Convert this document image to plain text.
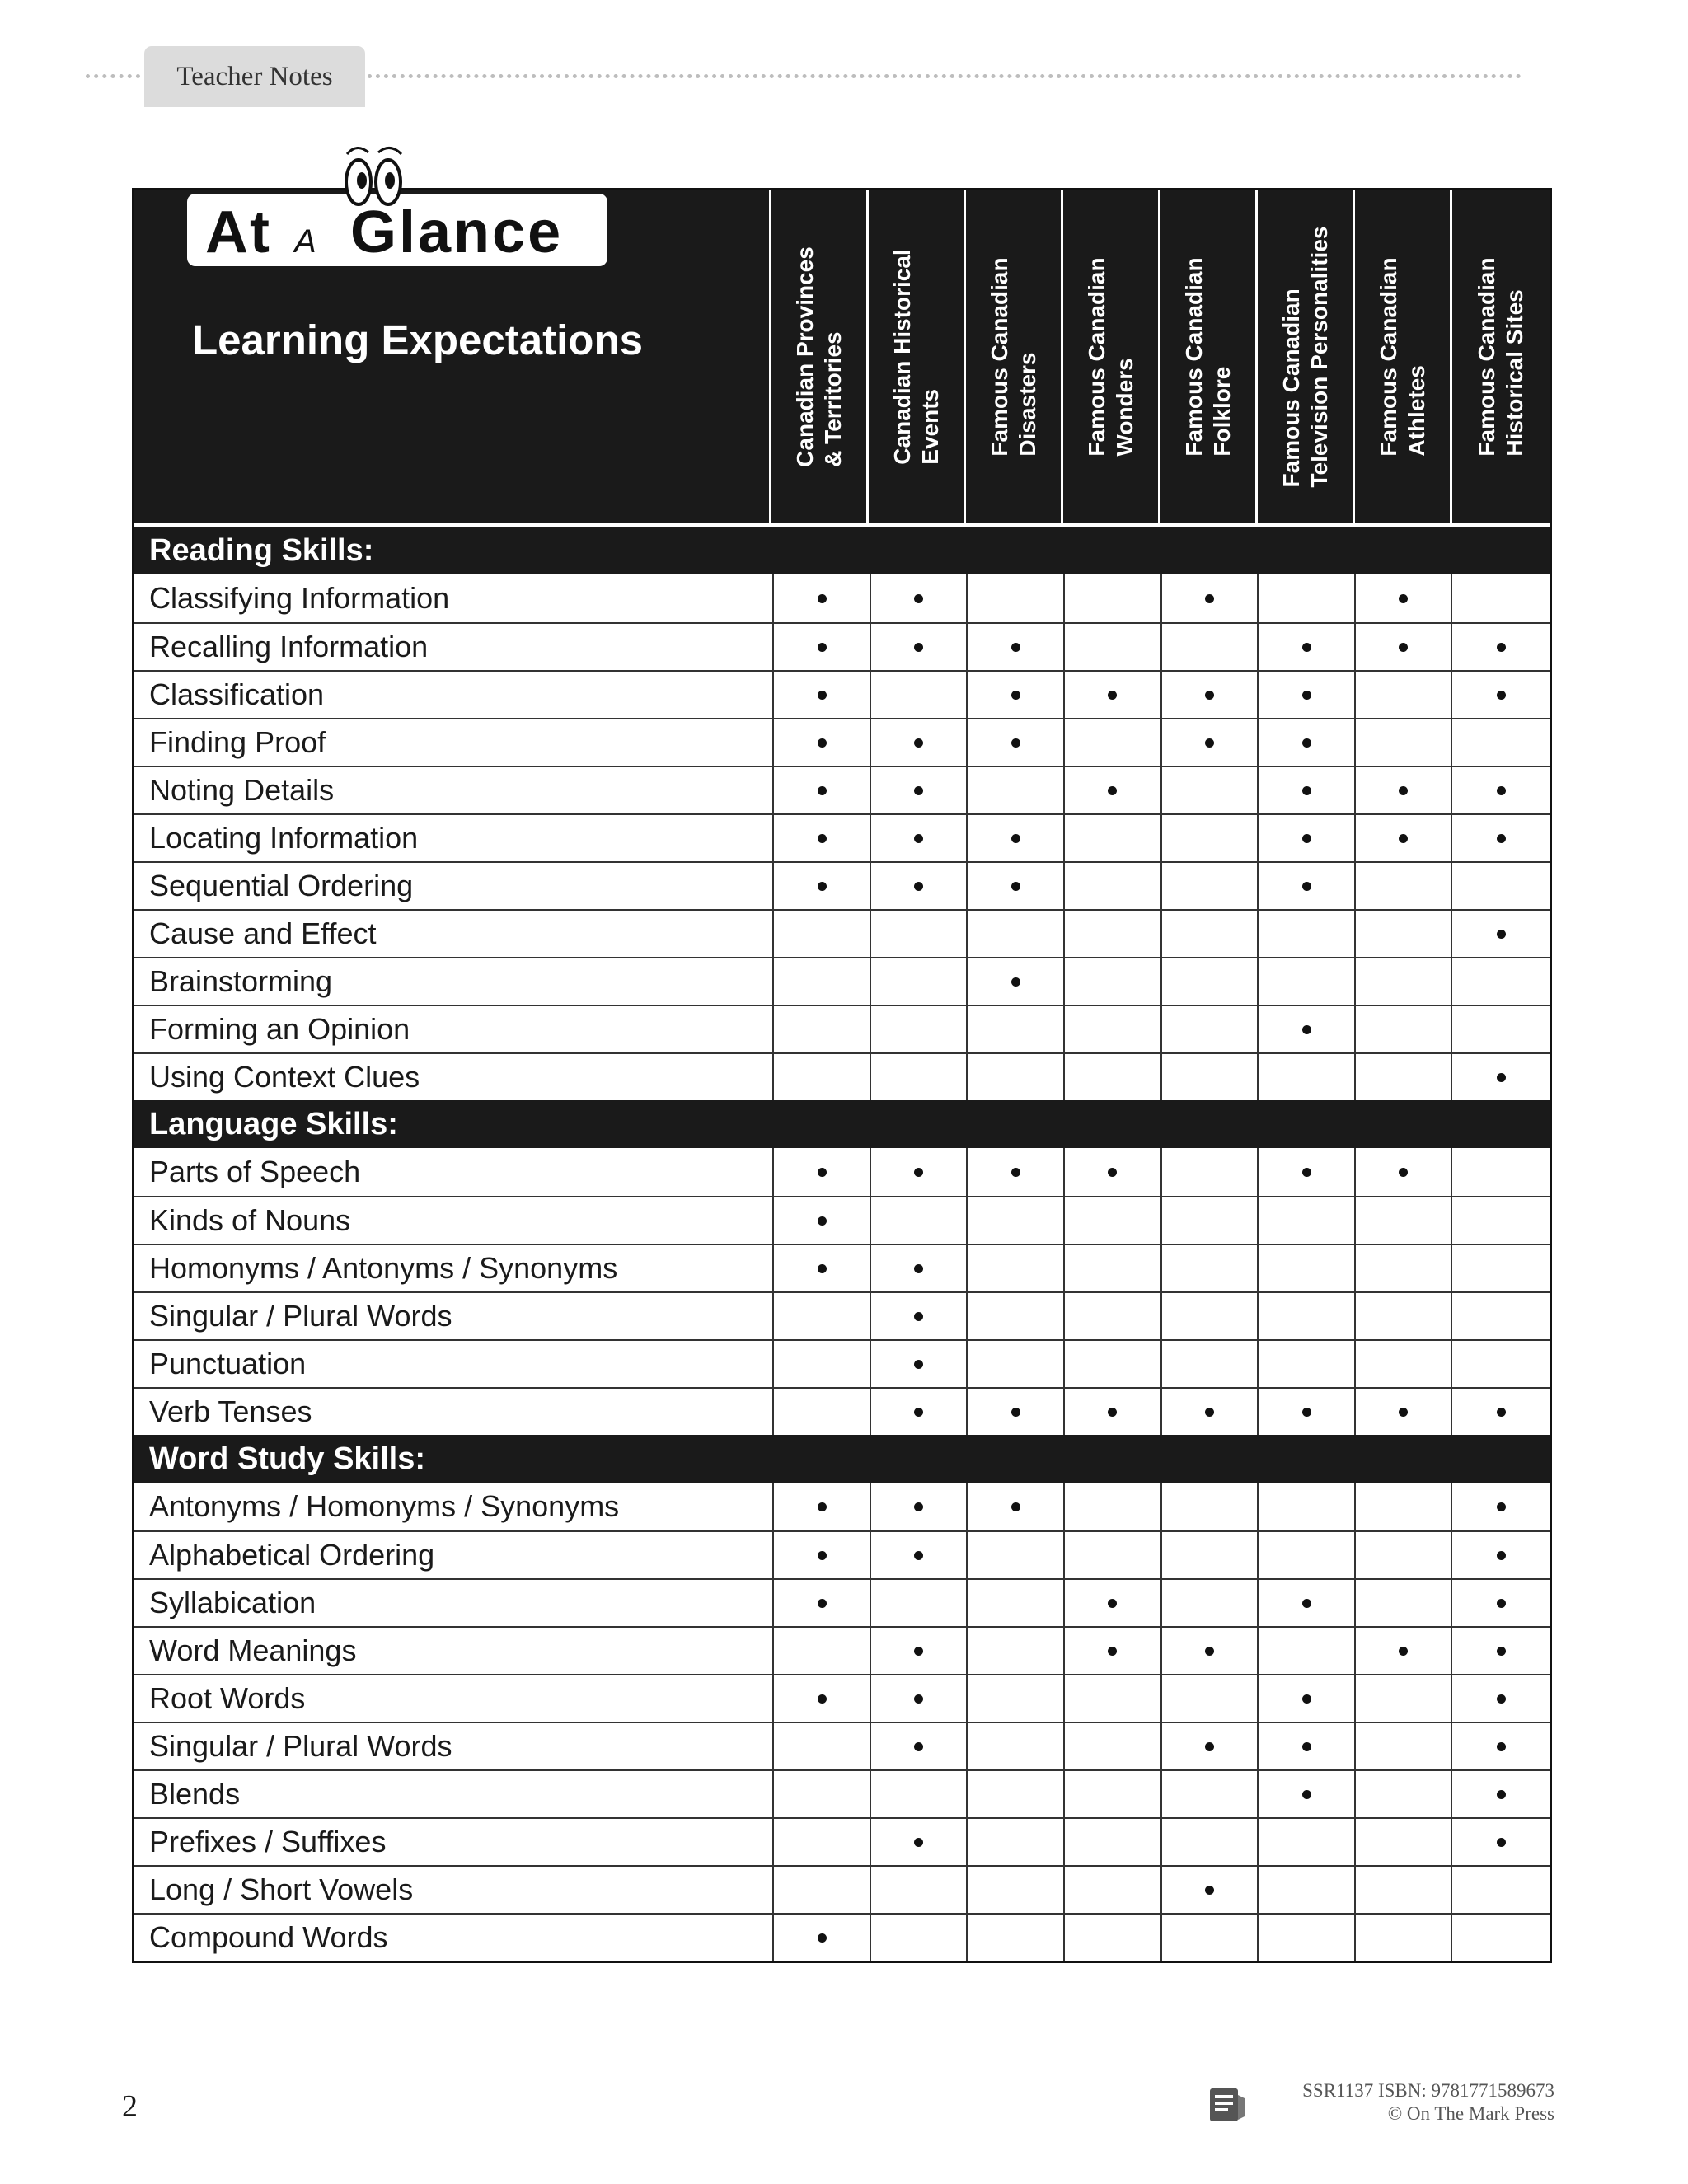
Teacher Notes
At A Glance
Learning Expectations	Canadian Provinces & Territories Canadian Historical Events Famous Canadian Disasters Famous Canadian Wonders Famous Canadian Folklore Famous Canadian Television Personalities Famous Canadian Athletes Famous Canadian Historical Sites
Reading Skills:
Classifying Information
Recalling Information
Classification
Finding Proof
Noting Details
Locating Information
Sequential Ordering
Cause and Effect
Brainstorming
Forming an Opinion
Using Context Clues
Language Skills:
Parts of Speech
Kinds of Nouns
Homonyms / Antonyms / Synonyms
Singular / Plural Words
Punctuation
Verb Tenses
Word Study Skills:
Antonyms / Homonyms / Synonyms
Alphabetical Ordering
Syllabication
Word Meanings
Root Words
Singular / Plural Words
Blends
Prefixes / Suffixes
Long / Short Vowels
Compound Words
2	SSR1137 ISBN: 9781771589673
© On The Mark Press
